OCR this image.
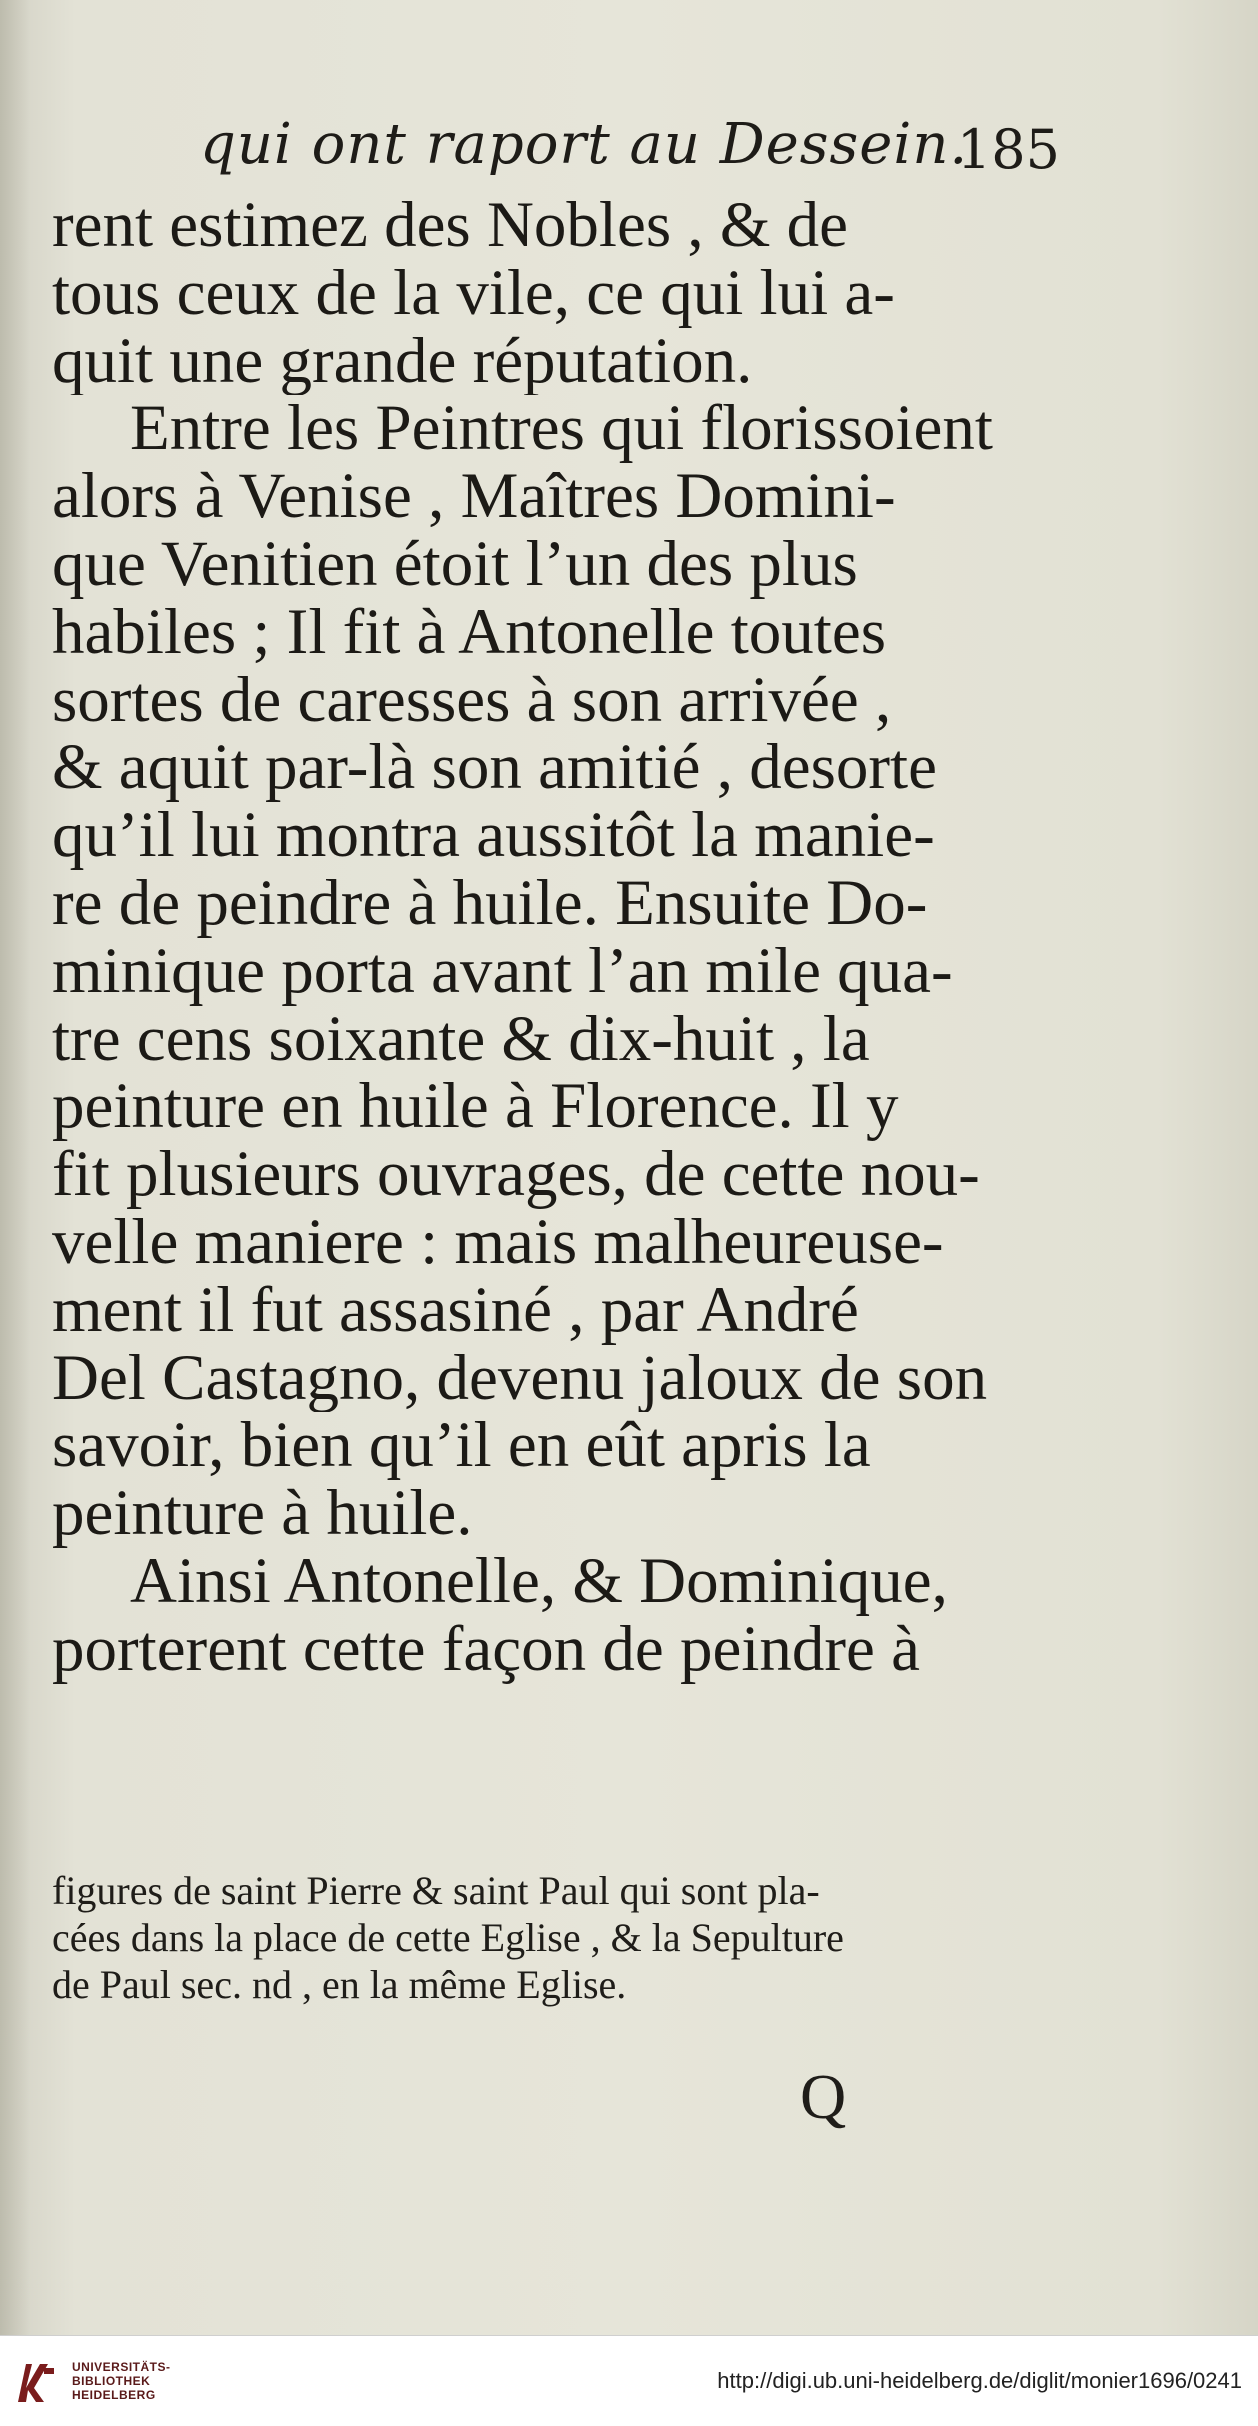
qui ont raport au Dessein.
185
rent estimez des Nobles , & de
tous ceux de la vile, ce qui lui a-
quit une grande réputation.
Entre les Peintres qui florissoient
alors à Venise , Maîtres Domini-
que Venitien étoit l’un des plus
habiles ; Il fit à Antonelle toutes
sortes de caresses à son arrivée ,
& aquit par-là son amitié , desorte
qu’il lui montra aussitôt la manie-
re de peindre à huile. Ensuite Do-
minique porta avant l’an mile qua-
tre cens soixante & dix-huit , la
peinture en huile à Florence. Il y
fit plusieurs ouvrages, de cette nou-
velle maniere : mais malheureuse-
ment il fut assasiné , par André
Del Castagno, devenu jaloux de son
savoir, bien qu’il en eût apris la
peinture à huile.
Ainsi Antonelle, & Dominique,
porterent cette façon de peindre à
figures de saint Pierre & saint Paul qui sont pla-
cées dans la place de cette Eglise , & la Sepulture
de Paul sec. nd , en la même Eglise.
Q
UNIVERSITÄTS-
BIBLIOTHEK
HEIDELBERG
http://digi.ub.uni-heidelberg.de/diglit/monier1696/0241
